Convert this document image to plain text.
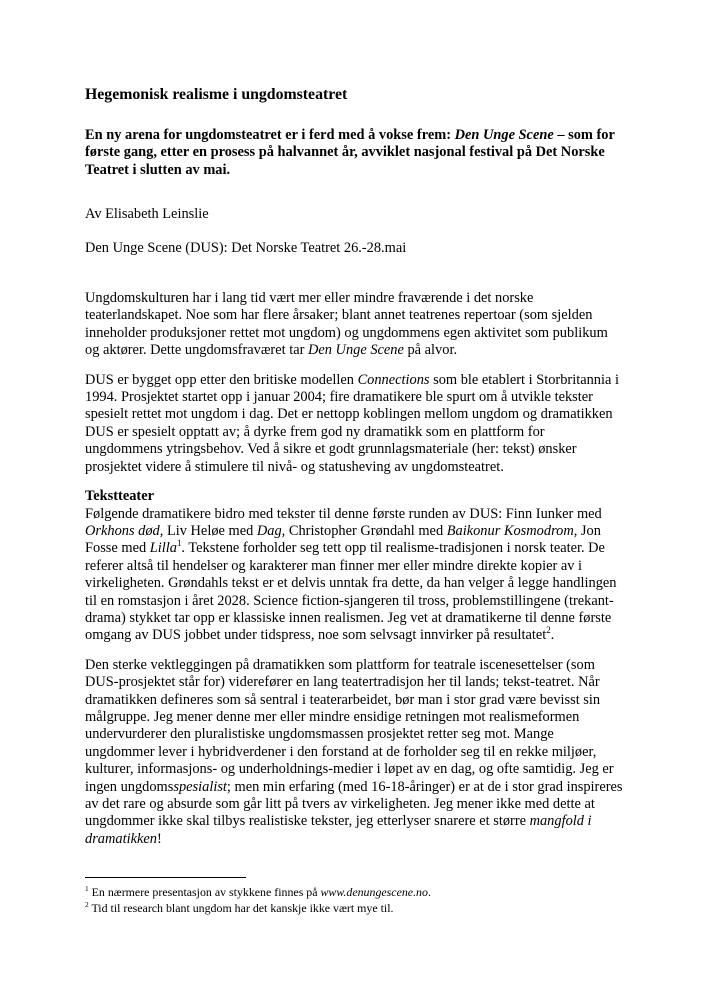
Hegemonisk realisme i ungdomsteatret

En ny arena for ungdomsteatret er i ferd med å vokse frem: Den Unge Scene – som for første gang, etter en prosess på halvannet år, avviklet nasjonal festival på Det Norske Teatret i slutten av mai.

Av Elisabeth Leinslie

Den Unge Scene (DUS): Det Norske Teatret 26.-28.mai

Ungdomskulturen har i lang tid vært mer eller mindre fraværende i det norske teaterlandskapet. Noe som har flere årsaker; blant annet teatrenes repertoar (som sjelden inneholder produksjoner rettet mot ungdom) og ungdommens egen aktivitet som publikum og aktører. Dette ungdomsfraværet tar Den Unge Scene på alvor.

DUS er bygget opp etter den britiske modellen Connections som ble etablert i Storbritannia i 1994. Prosjektet startet opp i januar 2004; fire dramatikere ble spurt om å utvikle tekster spesielt rettet mot ungdom i dag. Det er nettopp koblingen mellom ungdom og dramatikken DUS er spesielt opptatt av; å dyrke frem god ny dramatikk som en plattform for ungdommens ytringsbehov. Ved å sikre et godt grunnlagsmateriale (her: tekst) ønsker prosjektet videre å stimulere til nivå- og statusheving av ungdomsteatret.

Tekstteater

Følgende dramatikere bidro med tekster til denne første runden av DUS: Finn Iunker med Orkhons død, Liv Heløe med Dag, Christopher Grøndahl med Baikonur Kosmodrom, Jon Fosse med Lilla$^1$. Tekstene forholder seg tett opp til realisme-tradisjonen i norsk teater. De referer altså til hendelser og karakterer man finner mer eller mindre direkte kopier av i virkeligheten. Grøndahls tekst er et delvis unntak fra dette, da han velger å legge handlingen til en romstasjon i året 2028. Science fiction-sjangeren til tross, problemstillingene (trekant-drama) stykket tar opp er klassiske innen realismen. Jeg vet at dramatikerne til denne første omgang av DUS jobbet under tidspress, noe som selvsagt innvirker på resultatet$^2$.

Den sterke vektleggingen på dramatikken som plattform for teatrale iscenesettelser (som DUS-prosjektet står for) viderefører en lang teatertradisjon her til lands; tekst-teatret. Når dramatikken defineres som så sentral i teaterarbeidet, bør man i stor grad være bevisst sin målgruppe. Jeg mener denne mer eller mindre ensidige retningen mot realismeformen undervurderer den pluralistiske ungdomsmassen prosjektet retter seg mot. Mange ungdommer lever i hybridverdener i den forstand at de forholder seg til en rekke miljøer, kulturer, informasjons- og underholdnings-medier i løpet av en dag, og ofte samtidig. Jeg er ingen ungdomsspesialist; men min erfaring (med 16-18-åringer) er at de i stor grad inspireres av det rare og absurde som går litt på tvers av virkeligheten. Jeg mener ikke med dette at ungdommer ikke skal tilbys realistiske tekster, jeg etterlyser snarere et større mangfold i dramatikken!

$^1$ En nærmere presentasjon av stykkene finnes på www.denungescene.no.

$^2$ Tid til research blant ungdom har det kanskje ikke vært mye til.
